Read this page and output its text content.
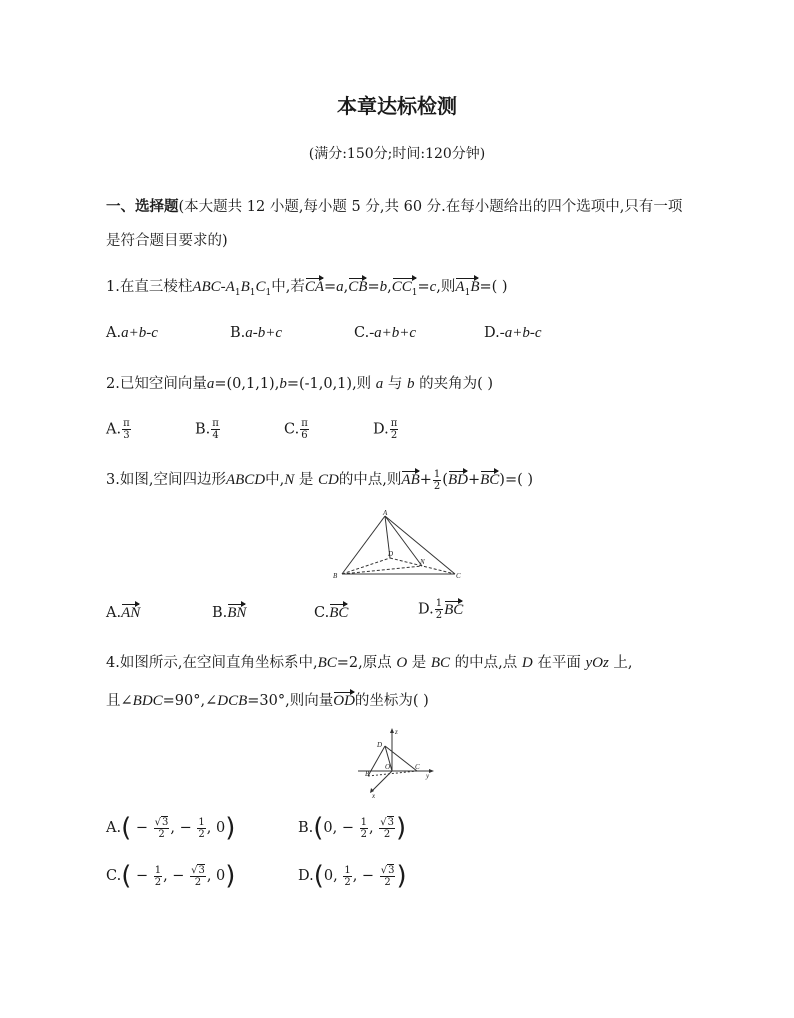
本章达标检测
(满分:150分;时间:120分钟)
一、选择题(本大题共 12 小题,每小题 5 分,共 60 分.在每小题给出的四个选项中,只有一项是符合题目要求的)
1.在直三棱柱ABC-$A_1B_1C_1$中,若$CA=a,CB=b,CC_1=c$,则$A_1B=$( )
A.a+b-c	B.a-b+c	C.-a+b+c	D.-a+b-c
2.已知空间向量a=(0,1,1),b=(-1,0,1),则 a 与 b 的夹角为( )
A. $\frac{\pi}{3}$	B. $\frac{\pi}{4}$	C. $\frac{\pi}{6}$	D. $\frac{\pi}{2}$
3.如图,空间四边形ABCD中,N 是 CD的中点,则$AB+ \frac{1}{2} (BD+BC)=$( )
A
B	C
D
N
A.AN	B.BN	C.BC	D. $\frac{1}{2}$ BC
4.如图所示,在空间直角坐标系中,BC=2,原点 O 是 BC 的中点,点 D 在平面 yOz 上,
且∠BDC=90°,∠DCB=30°,则向量OD的坐标为( )
z
D
O
B
C
y
x
$A.( - \frac{√3}{2}$ , − $\frac{1}{2}$ , 0)	B.(0, − $\frac{1}{2}$ , $\frac{√3}{2}$ )
$C.( - \frac{1}{2}$ , − $\frac{√3}{2}$ , 0)	D.(0, $\frac{1}{2}$ , − $\frac{√3}{2}$ )
